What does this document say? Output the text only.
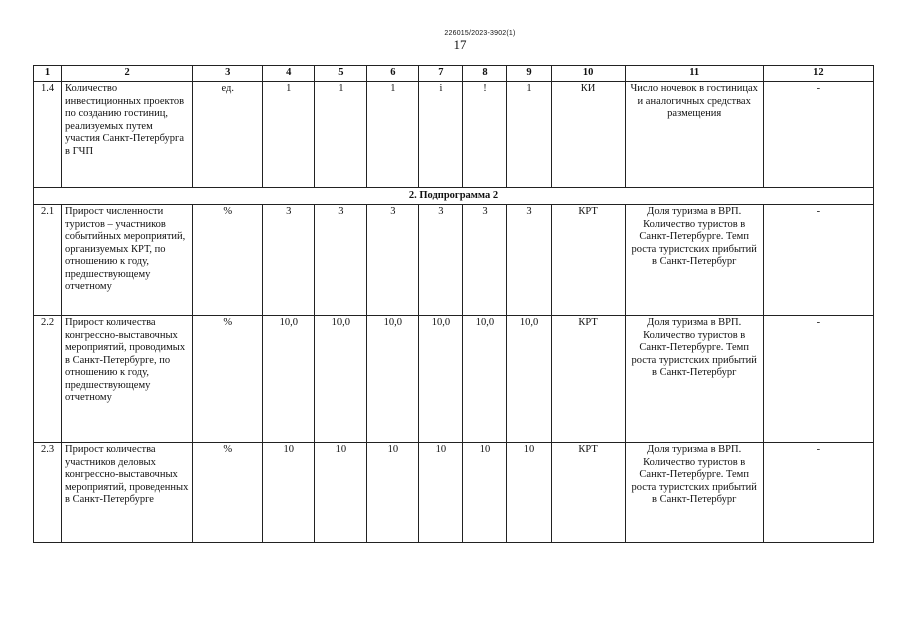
226015/2023-3902(1)
17
1	2	3	4	5	6	7	8	9	10	11	12
1.4	Количество инвестиционных проектов по созданию гостиниц, реализуемых путем участия Санкт-Петербурга в ГЧП	ед.	1	1	1	i	!	1	КИ	Число ночевок в гостиницах и аналогичных средствах размещения	-
2. Подпрограмма 2											
2.1	Прирост численности туристов – участников событийных мероприятий, организуемых КРТ, по отношению к году, предшествующему отчетному	%	3	3	3	3	3	3	КРТ	Доля туризма в ВРП. Количество туристов в Санкт-Петербурге. Темп роста туристских прибытий в Санкт-Петербург	-
2.2	Прирост количества конгрессно-выставочных мероприятий, проводимых в Санкт-Петербурге, по отношению к году, предшествующему отчетному	%	10,0	10,0	10,0	10,0	10,0	10,0	КРТ	Доля туризма в ВРП. Количество туристов в Санкт-Петербурге. Темп роста туристских прибытий в Санкт-Петербург	-
2.3	Прирост количества участников деловых конгрессно-выставочных мероприятий, проведенных в Санкт-Петербурге	%	10	10	10	10	10	10	КРТ	Доля туризма в ВРП. Количество туристов в Санкт-Петербурге. Темп роста туристских прибытий в Санкт-Петербург	-
